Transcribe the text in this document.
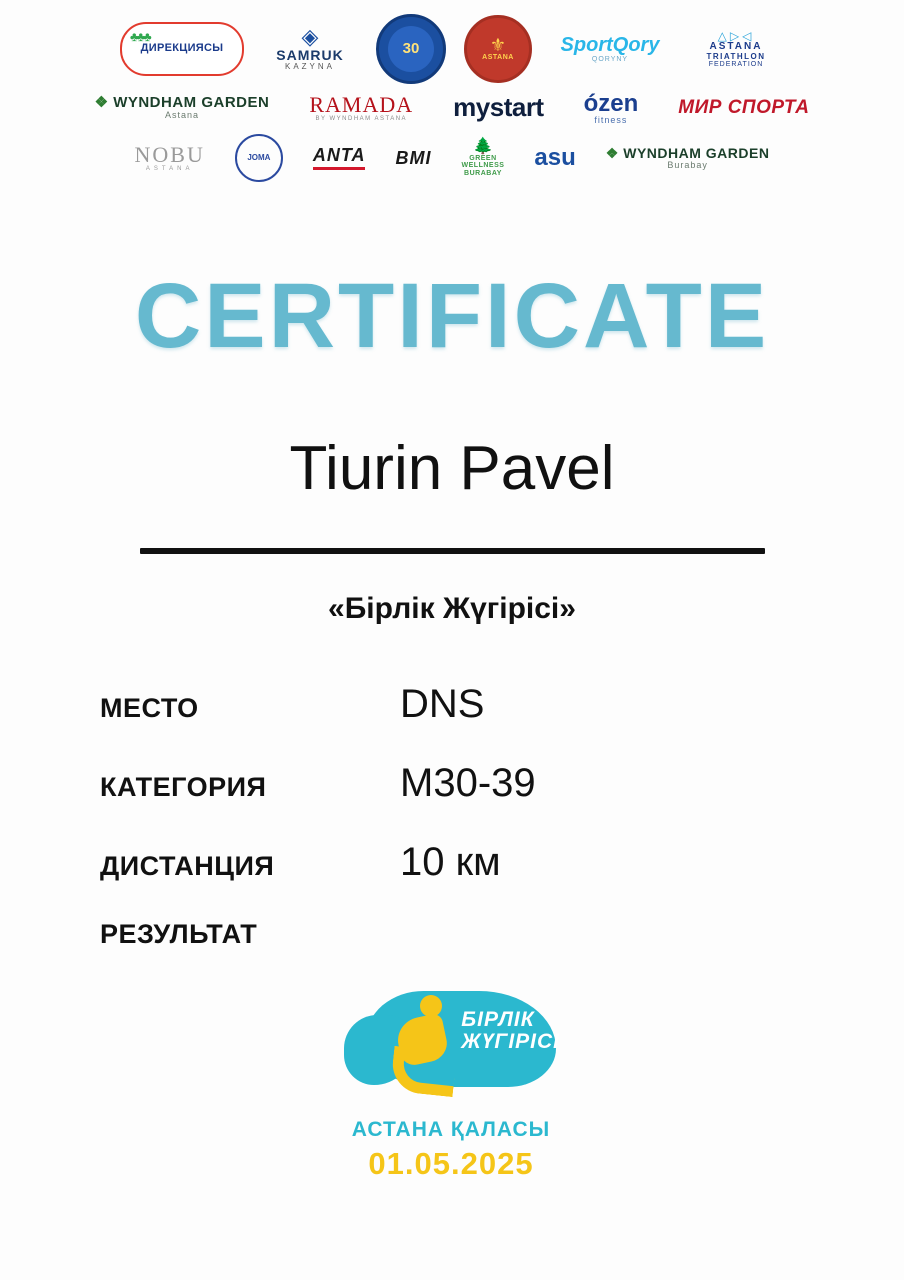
♣♣♣
ДИРЕКЦИЯСЫ	◈
SAMRUK
KAZYNA
30	⚜
ASTANA
SportQory
QORYNY
△▷◁
ASTANA
TRIATHLON
FEDERATION
❖ WYNDHAM GARDEN
Astana	RAMADA
BY WYNDHAM ASTANA mystart ózen
fitness
МИР СПОРТА
NOBU
ASTANA
JOMA	ANTA BMI
🌲
GREEN
WELLNESS
BURABAY
asu ❖ WYNDHAM GARDEN
Burabay
CERTIFICATE
Tiurin Pavel
«Бірлік Жүгірісі»
МЕСТО	DNS
КАТЕГОРИЯ	М30-39
ДИСТАНЦИЯ	10 км
РЕЗУЛЬТАТ
БІРЛІК
ЖҮГІРІСІ
АСТАНА ҚАЛАСЫ
01.05.2025
